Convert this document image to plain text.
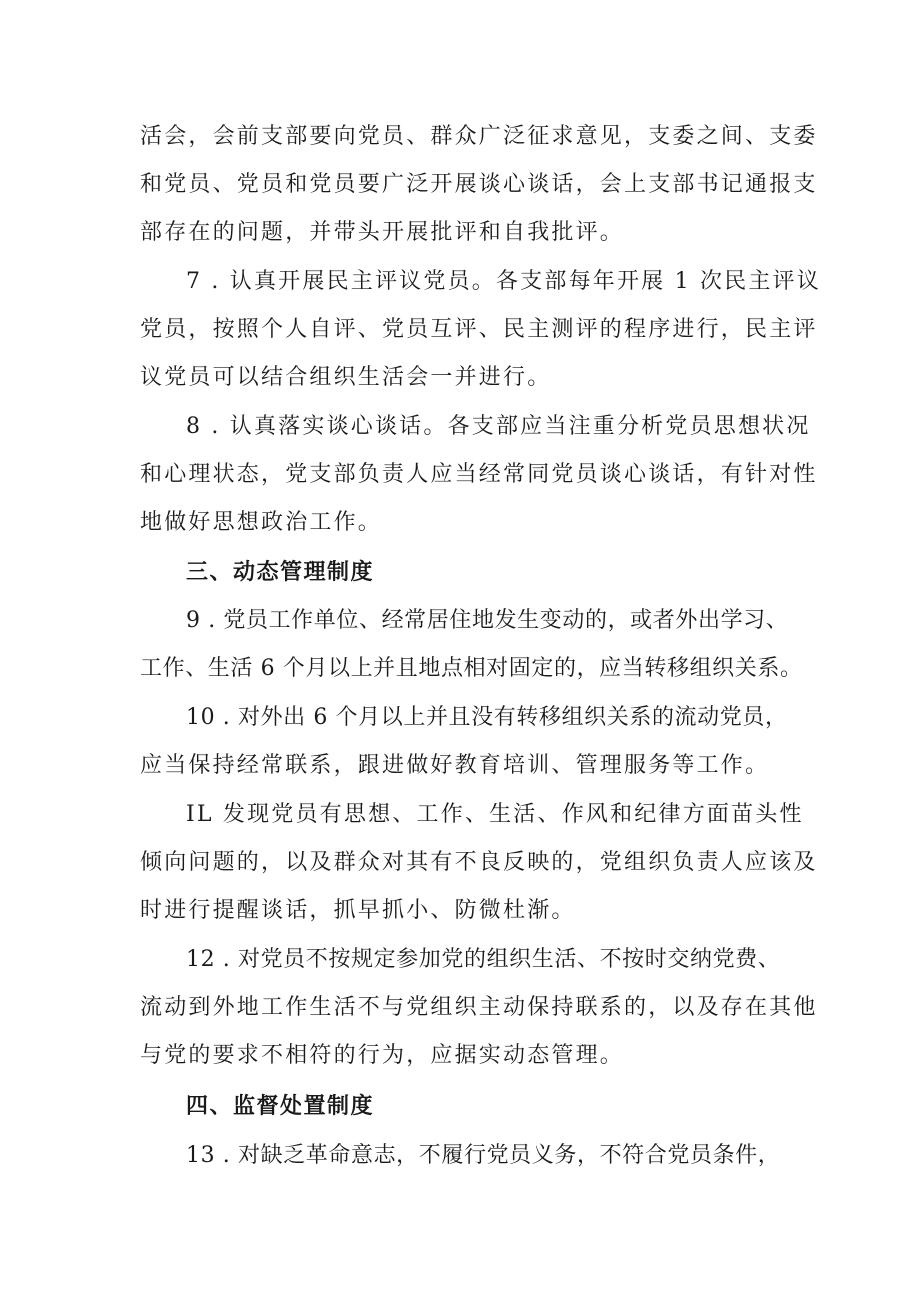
活会，会前支部要向党员、群众广泛征求意见，支委之间、支委
和党员、党员和党员要广泛开展谈心谈话，会上支部书记通报支
部存在的问题，并带头开展批评和自我批评。
7 . 认真开展民主评议党员。各支部每年开展 1 次民主评议
党员，按照个人自评、党员互评、民主测评的程序进行，民主评
议党员可以结合组织生活会一并进行。
8 . 认真落实谈心谈话。各支部应当注重分析党员思想状况
和心理状态，党支部负责人应当经常同党员谈心谈话，有针对性
地做好思想政治工作。
三、动态管理制度
9 . 党员工作单位、经常居住地发生变动的，或者外出学习、
工作、生活 6 个月以上并且地点相对固定的，应当转移组织关系。
10 . 对外出 6 个月以上并且没有转移组织关系的流动党员，
应当保持经常联系，跟进做好教育培训、管理服务等工作。
IL 发现党员有思想、工作、生活、作风和纪律方面苗头性
倾向问题的，以及群众对其有不良反映的，党组织负责人应该及
时进行提醒谈话，抓早抓小、防微杜渐。
12 . 对党员不按规定参加党的组织生活、不按时交纳党费、
流动到外地工作生活不与党组织主动保持联系的，以及存在其他
与党的要求不相符的行为，应据实动态管理。
四、监督处置制度
13 . 对缺乏革命意志，不履行党员义务，不符合党员条件，
